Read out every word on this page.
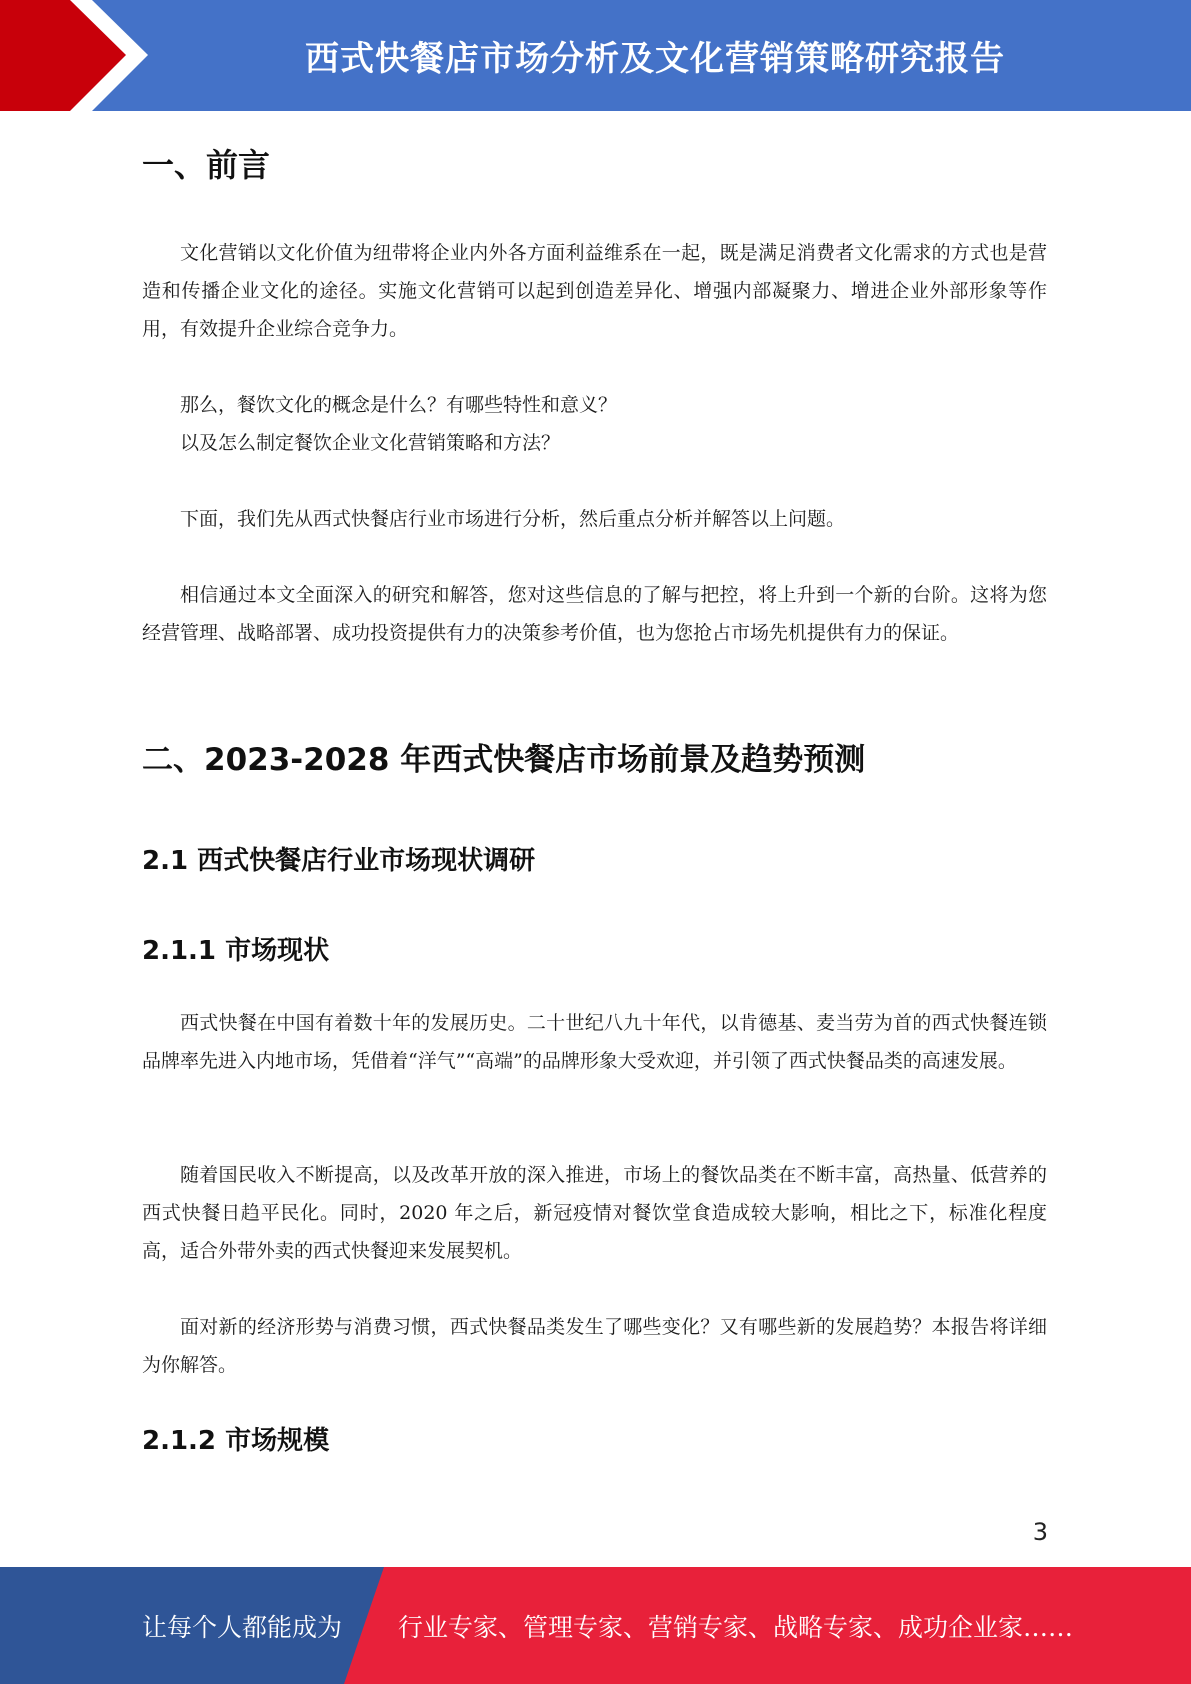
西式快餐店市场分析及文化营销策略研究报告
一、前言

文化营销以文化价值为纽带将企业内外各方面利益维系在一起，既是满足消费者文化需求的方式也是营造和传播企业文化的途径。实施文化营销可以起到创造差异化、增强内部凝聚力、增进企业外部形象等作用，有效提升企业综合竞争力。

那么，餐饮文化的概念是什么？有哪些特性和意义？

以及怎么制定餐饮企业文化营销策略和方法？

下面，我们先从西式快餐店行业市场进行分析，然后重点分析并解答以上问题。

相信通过本文全面深入的研究和解答，您对这些信息的了解与把控，将上升到一个新的台阶。这将为您经营管理、战略部署、成功投资提供有力的决策参考价值，也为您抢占市场先机提供有力的保证。

二、2023-2028 年西式快餐店市场前景及趋势预测
2.1 西式快餐店行业市场现状调研
2.1.1 市场现状

西式快餐在中国有着数十年的发展历史。二十世纪八九十年代，以肯德基、麦当劳为首的西式快餐连锁品牌率先进入内地市场，凭借着“洋气”“高端”的品牌形象大受欢迎，并引领了西式快餐品类的高速发展。

随着国民收入不断提高，以及改革开放的深入推进，市场上的餐饮品类在不断丰富，高热量、低营养的西式快餐日趋平民化。同时，2020 年之后，新冠疫情对餐饮堂食造成较大影响，相比之下，标准化程度高，适合外带外卖的西式快餐迎来发展契机。

面对新的经济形势与消费习惯，西式快餐品类发生了哪些变化？又有哪些新的发展趋势？本报告将详细为你解答。

2.1.2 市场规模
3
让每个人都能成为 行业专家、管理专家、营销专家、战略专家、成功企业家……
